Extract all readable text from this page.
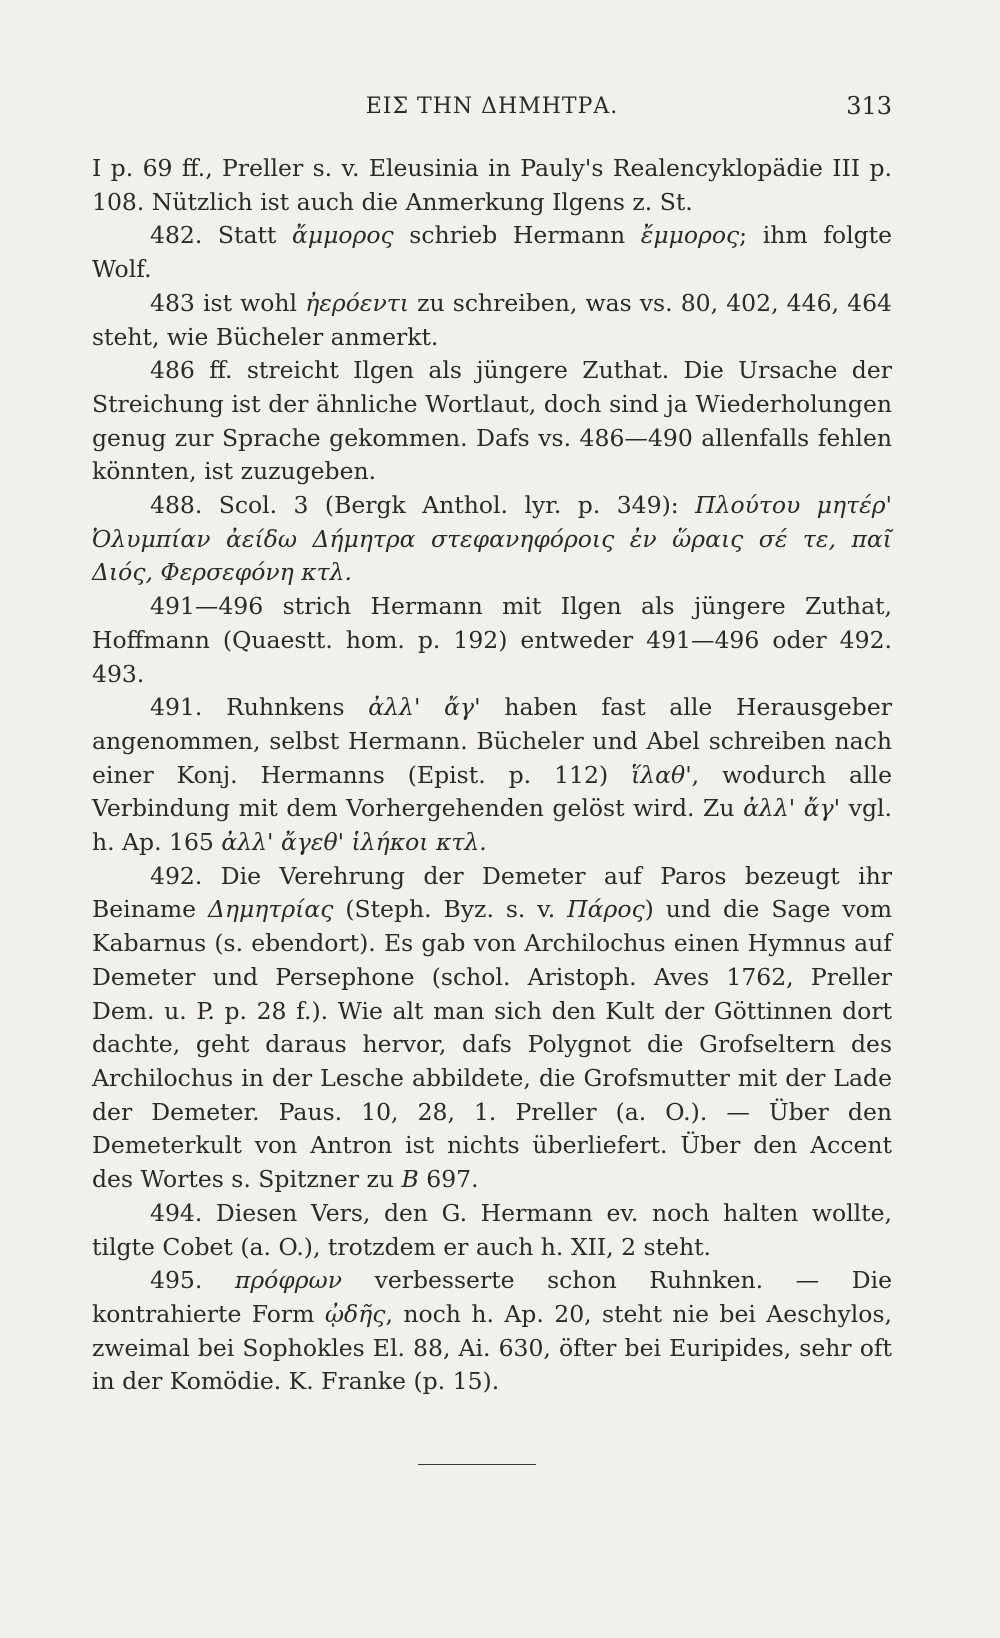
ΕΙΣ ΤΗΝ ΔΗΜΗΤΡΑ.	313

I p. 69 ff., Preller s. v. Eleusinia in Pauly's Realencyklopädie III p. 108. Nützlich ist auch die Anmerkung Ilgens z. St.

482. Statt ἄμμορος schrieb Hermann ἔμμορος; ihm folgte Wolf.

483 ist wohl ἠερόεντι zu schreiben, was vs. 80, 402, 446, 464 steht, wie Bücheler anmerkt.

486 ff. streicht Ilgen als jüngere Zuthat. Die Ursache der Streichung ist der ähnliche Wortlaut, doch sind ja Wiederholungen genug zur Sprache gekommen. Dafs vs. 486—490 allenfalls fehlen könnten, ist zuzugeben.

488. Scol. 3 (Bergk Anthol. lyr. p. 349): Πλούτου μητέρ' Ὀλυμπίαν ἀείδω Δήμητρα στεφανηφόροις ἐν ὥραις σέ τε, παῖ Διός, Φερσεφόνη κτλ.

491—496 strich Hermann mit Ilgen als jüngere Zuthat, Hoffmann (Quaestt. hom. p. 192) entweder 491—496 oder 492. 493.

491. Ruhnkens ἀλλ' ἄγ' haben fast alle Herausgeber angenommen, selbst Hermann. Bücheler und Abel schreiben nach einer Konj. Hermanns (Epist. p. 112) ἵλαθ', wodurch alle Verbindung mit dem Vorhergehenden gelöst wird. Zu ἀλλ' ἄγ' vgl. h. Ap. 165 ἀλλ' ἄγεθ' ἱλήκοι κτλ.

492. Die Verehrung der Demeter auf Paros bezeugt ihr Beiname Δημητρίας (Steph. Byz. s. v. Πάρος) und die Sage vom Kabarnus (s. ebendort). Es gab von Archilochus einen Hymnus auf Demeter und Persephone (schol. Aristoph. Aves 1762, Preller Dem. u. P. p. 28 f.). Wie alt man sich den Kult der Göttinnen dort dachte, geht daraus hervor, dafs Polygnot die Grofseltern des Archilochus in der Lesche abbildete, die Grofsmutter mit der Lade der Demeter. Paus. 10, 28, 1. Preller (a. O.). — Über den Demeterkult von Antron ist nichts überliefert. Über den Accent des Wortes s. Spitzner zu B 697.

494. Diesen Vers, den G. Hermann ev. noch halten wollte, tilgte Cobet (a. O.), trotzdem er auch h. XII, 2 steht.

495. πρόφρων verbesserte schon Ruhnken. — Die kontrahierte Form ᾠδῆς, noch h. Ap. 20, steht nie bei Aeschylos, zweimal bei Sophokles El. 88, Ai. 630, öfter bei Euripides, sehr oft in der Komödie. K. Franke (p. 15).
